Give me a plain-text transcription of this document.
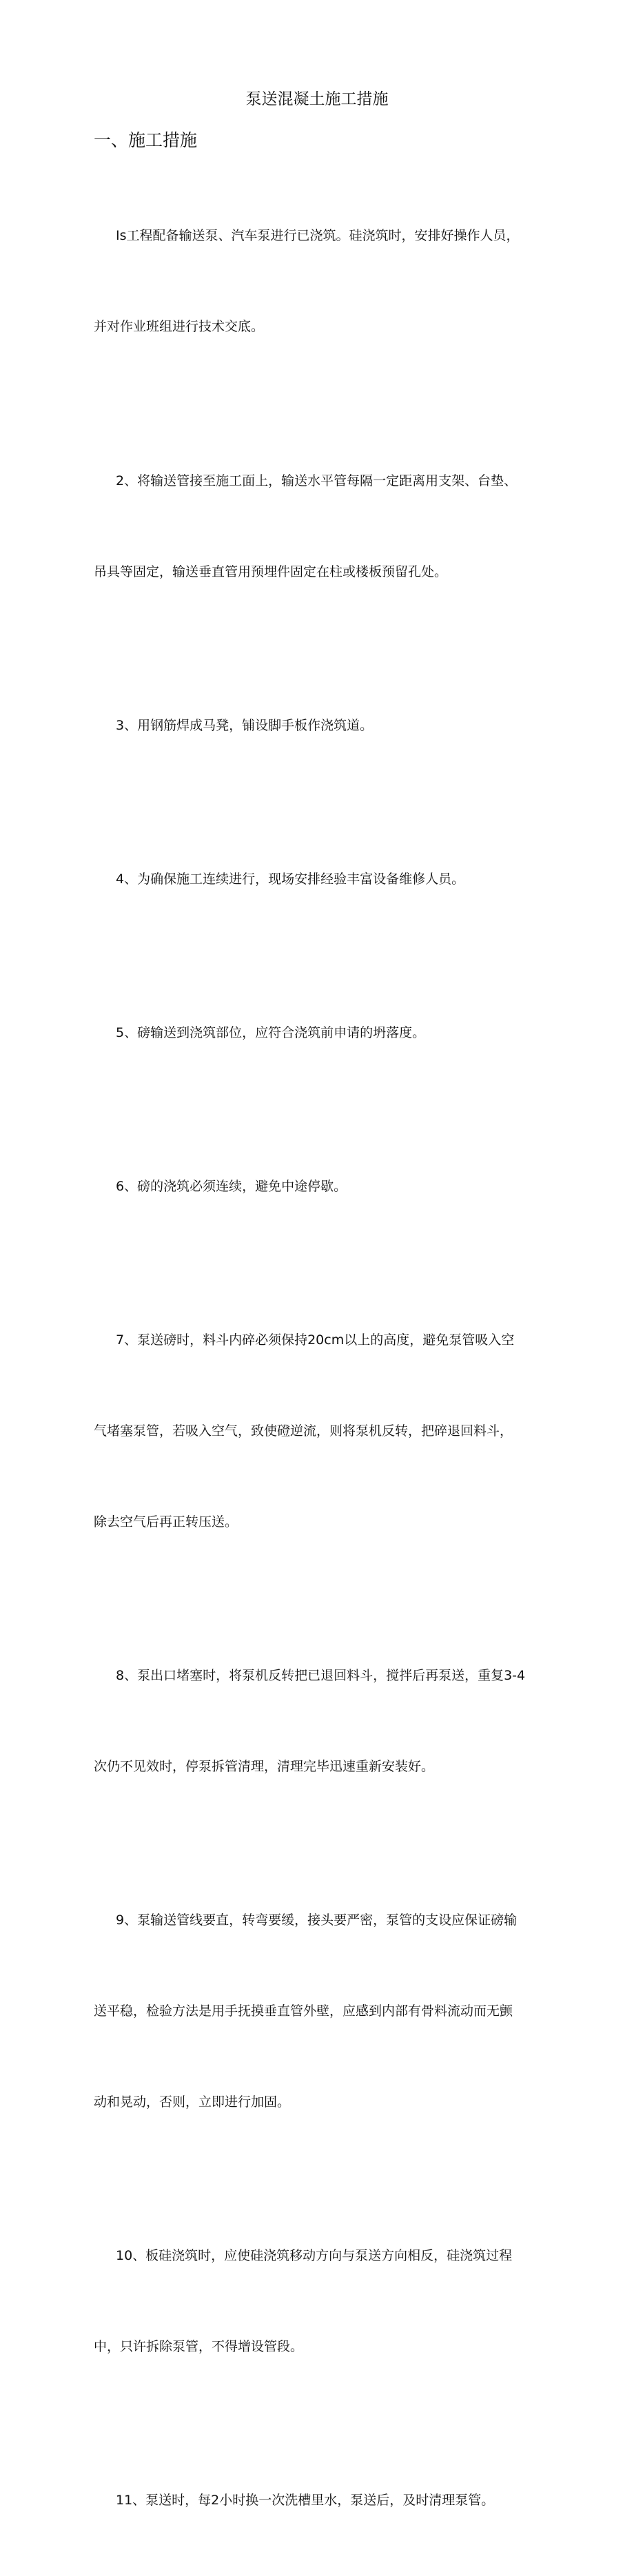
泵送混凝土施工措施
一、施工措施

Is工程配备输送泵、汽车泵进行已浇筑。硅浇筑时，安排好操作人员，

并对作业班组进行技术交底。

2、将输送管接至施工面上，输送水平管每隔一定距离用支架、台垫、

吊具等固定，输送垂直管用预埋件固定在柱或楼板预留孔处。

3、用钢筋焊成马凳，铺设脚手板作浇筑道。

4、为确保施工连续进行，现场安排经验丰富设备维修人员。

5、磅输送到浇筑部位，应符合浇筑前申请的坍落度。

6、磅的浇筑必须连续，避免中途停歇。

7、泵送磅时，料斗内碎必须保持20cm以上的高度，避免泵管吸入空

气堵塞泵管，若吸入空气，致使磴逆流，则将泵机反转，把碎退回料斗，

除去空气后再正转压送。

8、泵出口堵塞时，将泵机反转把已退回料斗，搅拌后再泵送，重复3-4

次仍不见效时，停泵拆管清理，清理完毕迅速重新安装好。

9、泵输送管线要直，转弯要缓，接头要严密，泵管的支设应保证磅输

送平稳，检验方法是用手抚摸垂直管外壁，应感到内部有骨料流动而无颤

动和晃动，否则，立即进行加固。

10、板硅浇筑时，应使硅浇筑移动方向与泵送方向相反，硅浇筑过程

中，只许拆除泵管，不得增设管段。

11、泵送时，每2小时换一次洗槽里水，泵送后，及时清理泵管。
